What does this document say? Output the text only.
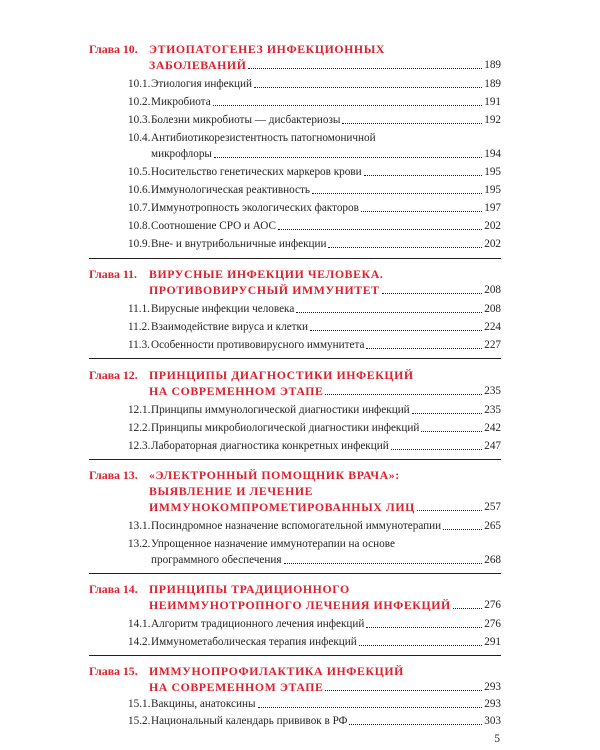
Глава 10. ЭТИОПАТОГЕНЕЗ ИНФЕКЦИОННЫХ
ЗАБОЛЕВАНИЙ	189
10.1. Этиология инфекций	189
10.2. Микробиота	191
10.3. Болезни микробиоты — дисбактериозы	192
10.4. Антибиотикорезистентность патогномоничной
микрофлоры	194
10.5. Носительство генетических маркеров крови	195
10.6. Иммунологическая реактивность	195
10.7. Иммунотропность экологических факторов	197
10.8. Соотношение СРО и АОС	202
10.9. Вне- и внутрибольничные инфекции	202
Глава 11.	ВИРУСНЫЕ ИНФЕКЦИИ ЧЕЛОВЕКА.
ПРОТИВОВИРУСНЫЙ ИММУНИТЕТ	208
11.1. Вирусные инфекции человека	208
11.2. Взаимодействие вируса и клетки	224
11.3. Особенности противовирусного иммунитета	227
Глава 12. ПРИНЦИПЫ ДИАГНОСТИКИ ИНФЕКЦИЙ
НА СОВРЕМЕННОМ ЭТАПЕ	235
12.1. Принципы иммунологической диагностики инфекций	235
12.2. Принципы микробиологической диагностики инфекций	242
12.3. Лабораторная диагностика конкретных инфекций	247
Глава 13. «ЭЛЕКТРОННЫЙ ПОМОЩНИК ВРАЧА»:
ВЫЯВЛЕНИЕ И ЛЕЧЕНИЕ
ИММУНОКОМПРОМЕТИРОВАННЫХ ЛИЦ	257
13.1. Посиндромное назначение вспомогательной иммунотерапии	265
13.2. Упрощенное назначение иммунотерапии на основе
программного обеспечения	268
Глава 14. ПРИНЦИПЫ ТРАДИЦИОННОГО
НЕИММУНОТРОПНОГО ЛЕЧЕНИЯ ИНФЕКЦИЙ	276
14.1. Алгоритм традиционного лечения инфекций	276
14.2. Иммунометаболическая терапия инфекций	291
Глава 15. ИММУНОПРОФИЛАКТИКА ИНФЕКЦИЙ
НА СОВРЕМЕННОМ ЭТАПЕ	293
15.1. Вакцины, анатоксины	293
15.2. Национальный календарь прививок в РФ	303
5
